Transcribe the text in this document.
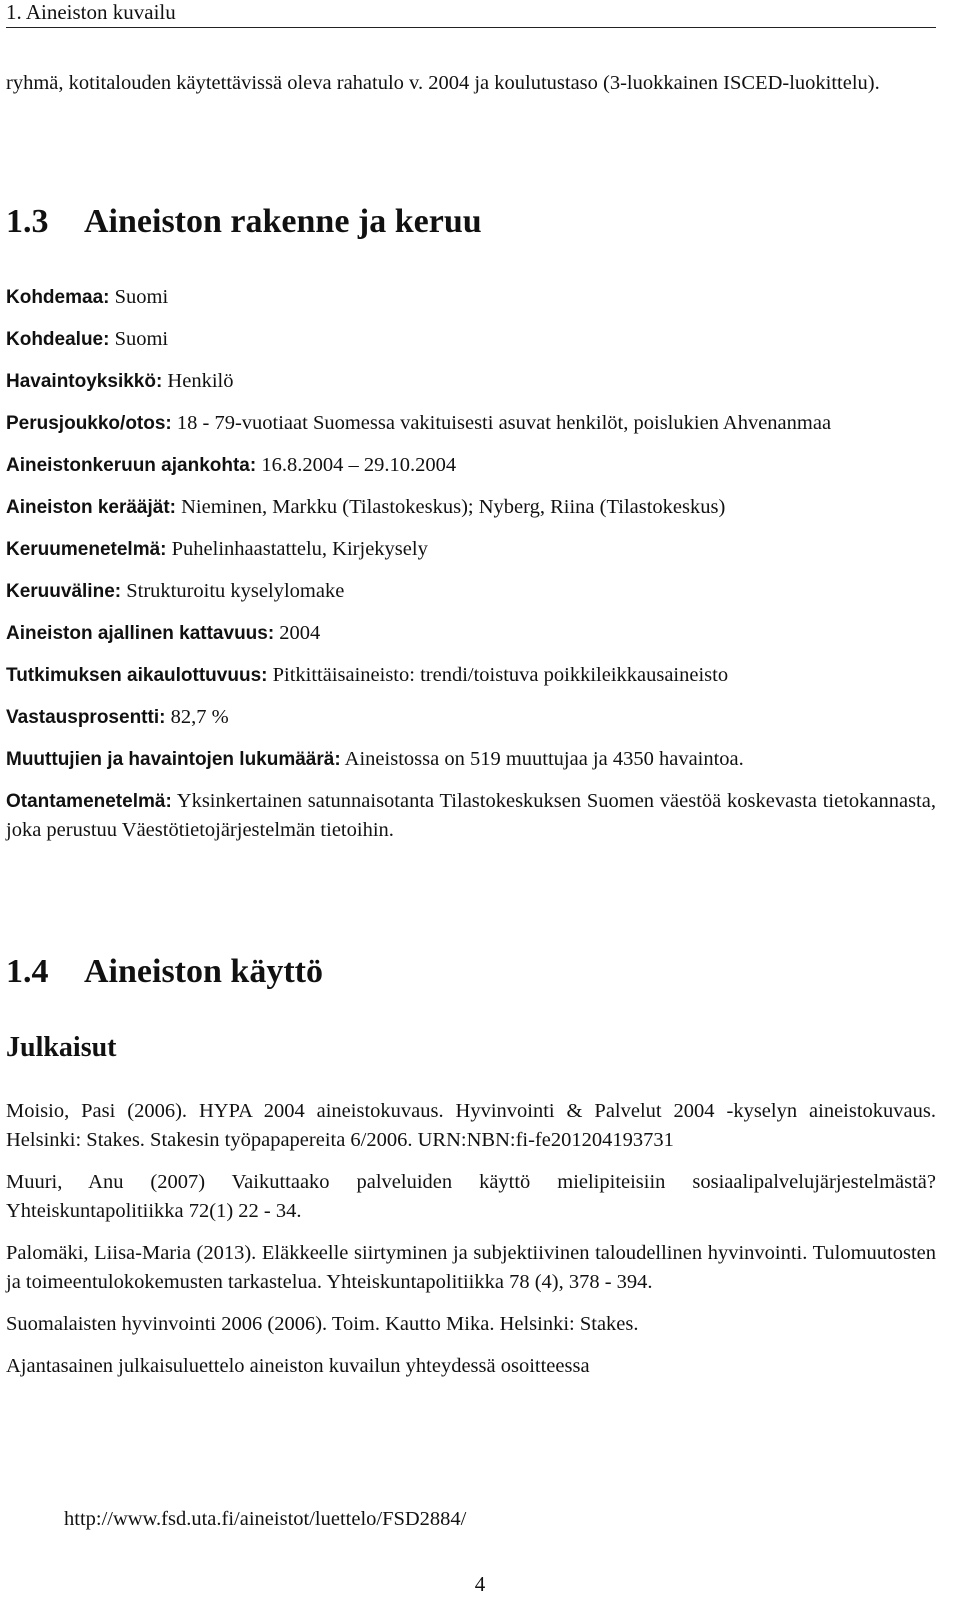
1. Aineiston kuvailu
ryhmä, kotitalouden käytettävissä oleva rahatulo v. 2004 ja koulutustaso (3-luokkainen ISCED-luokittelu).
1.3 Aineiston rakenne ja keruu

Kohdemaa: Suomi

Kohdealue: Suomi

Havaintoyksikkö: Henkilö

Perusjoukko/otos: 18 - 79-vuotiaat Suomessa vakituisesti asuvat henkilöt, poislukien Ahvenanmaa

Aineistonkeruun ajankohta: 16.8.2004 – 29.10.2004

Aineiston kerääjät: Nieminen, Markku (Tilastokeskus); Nyberg, Riina (Tilastokeskus)

Keruumenetelmä: Puhelinhaastattelu, Kirjekysely

Keruuväline: Strukturoitu kyselylomake

Aineiston ajallinen kattavuus: 2004

Tutkimuksen aikaulottuvuus: Pitkittäisaineisto: trendi/toistuva poikkileikkausaineisto

Vastausprosentti: 82,7 %

Muuttujien ja havaintojen lukumäärä: Aineistossa on 519 muuttujaa ja 4350 havaintoa.

Otantamenetelmä: Yksinkertainen satunnaisotanta Tilastokeskuksen Suomen väestöä koskevasta tietokannasta, joka perustuu Väestötietojärjestelmän tietoihin.

1.4 Aineiston käyttö
Julkaisut

Moisio, Pasi (2006). HYPA 2004 aineistokuvaus. Hyvinvointi & Palvelut 2004 -kyselyn aineistokuvaus. Helsinki: Stakes. Stakesin työpapapereita 6/2006. URN:NBN:fi-fe201204193731

Muuri, Anu (2007) Vaikuttaako palveluiden käyttö mielipiteisiin sosiaalipalvelujärjestelmästä? Yhteiskuntapolitiikka 72(1) 22 - 34.

Palomäki, Liisa-Maria (2013). Eläkkeelle siirtyminen ja subjektiivinen taloudellinen hyvinvointi. Tulomuutosten ja toimeentulokokemusten tarkastelua. Yhteiskuntapolitiikka 78 (4), 378 - 394.

Suomalaisten hyvinvointi 2006 (2006). Toim. Kautto Mika. Helsinki: Stakes.

Ajantasainen julkaisuluettelo aineiston kuvailun yhteydessä osoitteessa

http://www.fsd.uta.fi/aineistot/luettelo/FSD2884/
4
